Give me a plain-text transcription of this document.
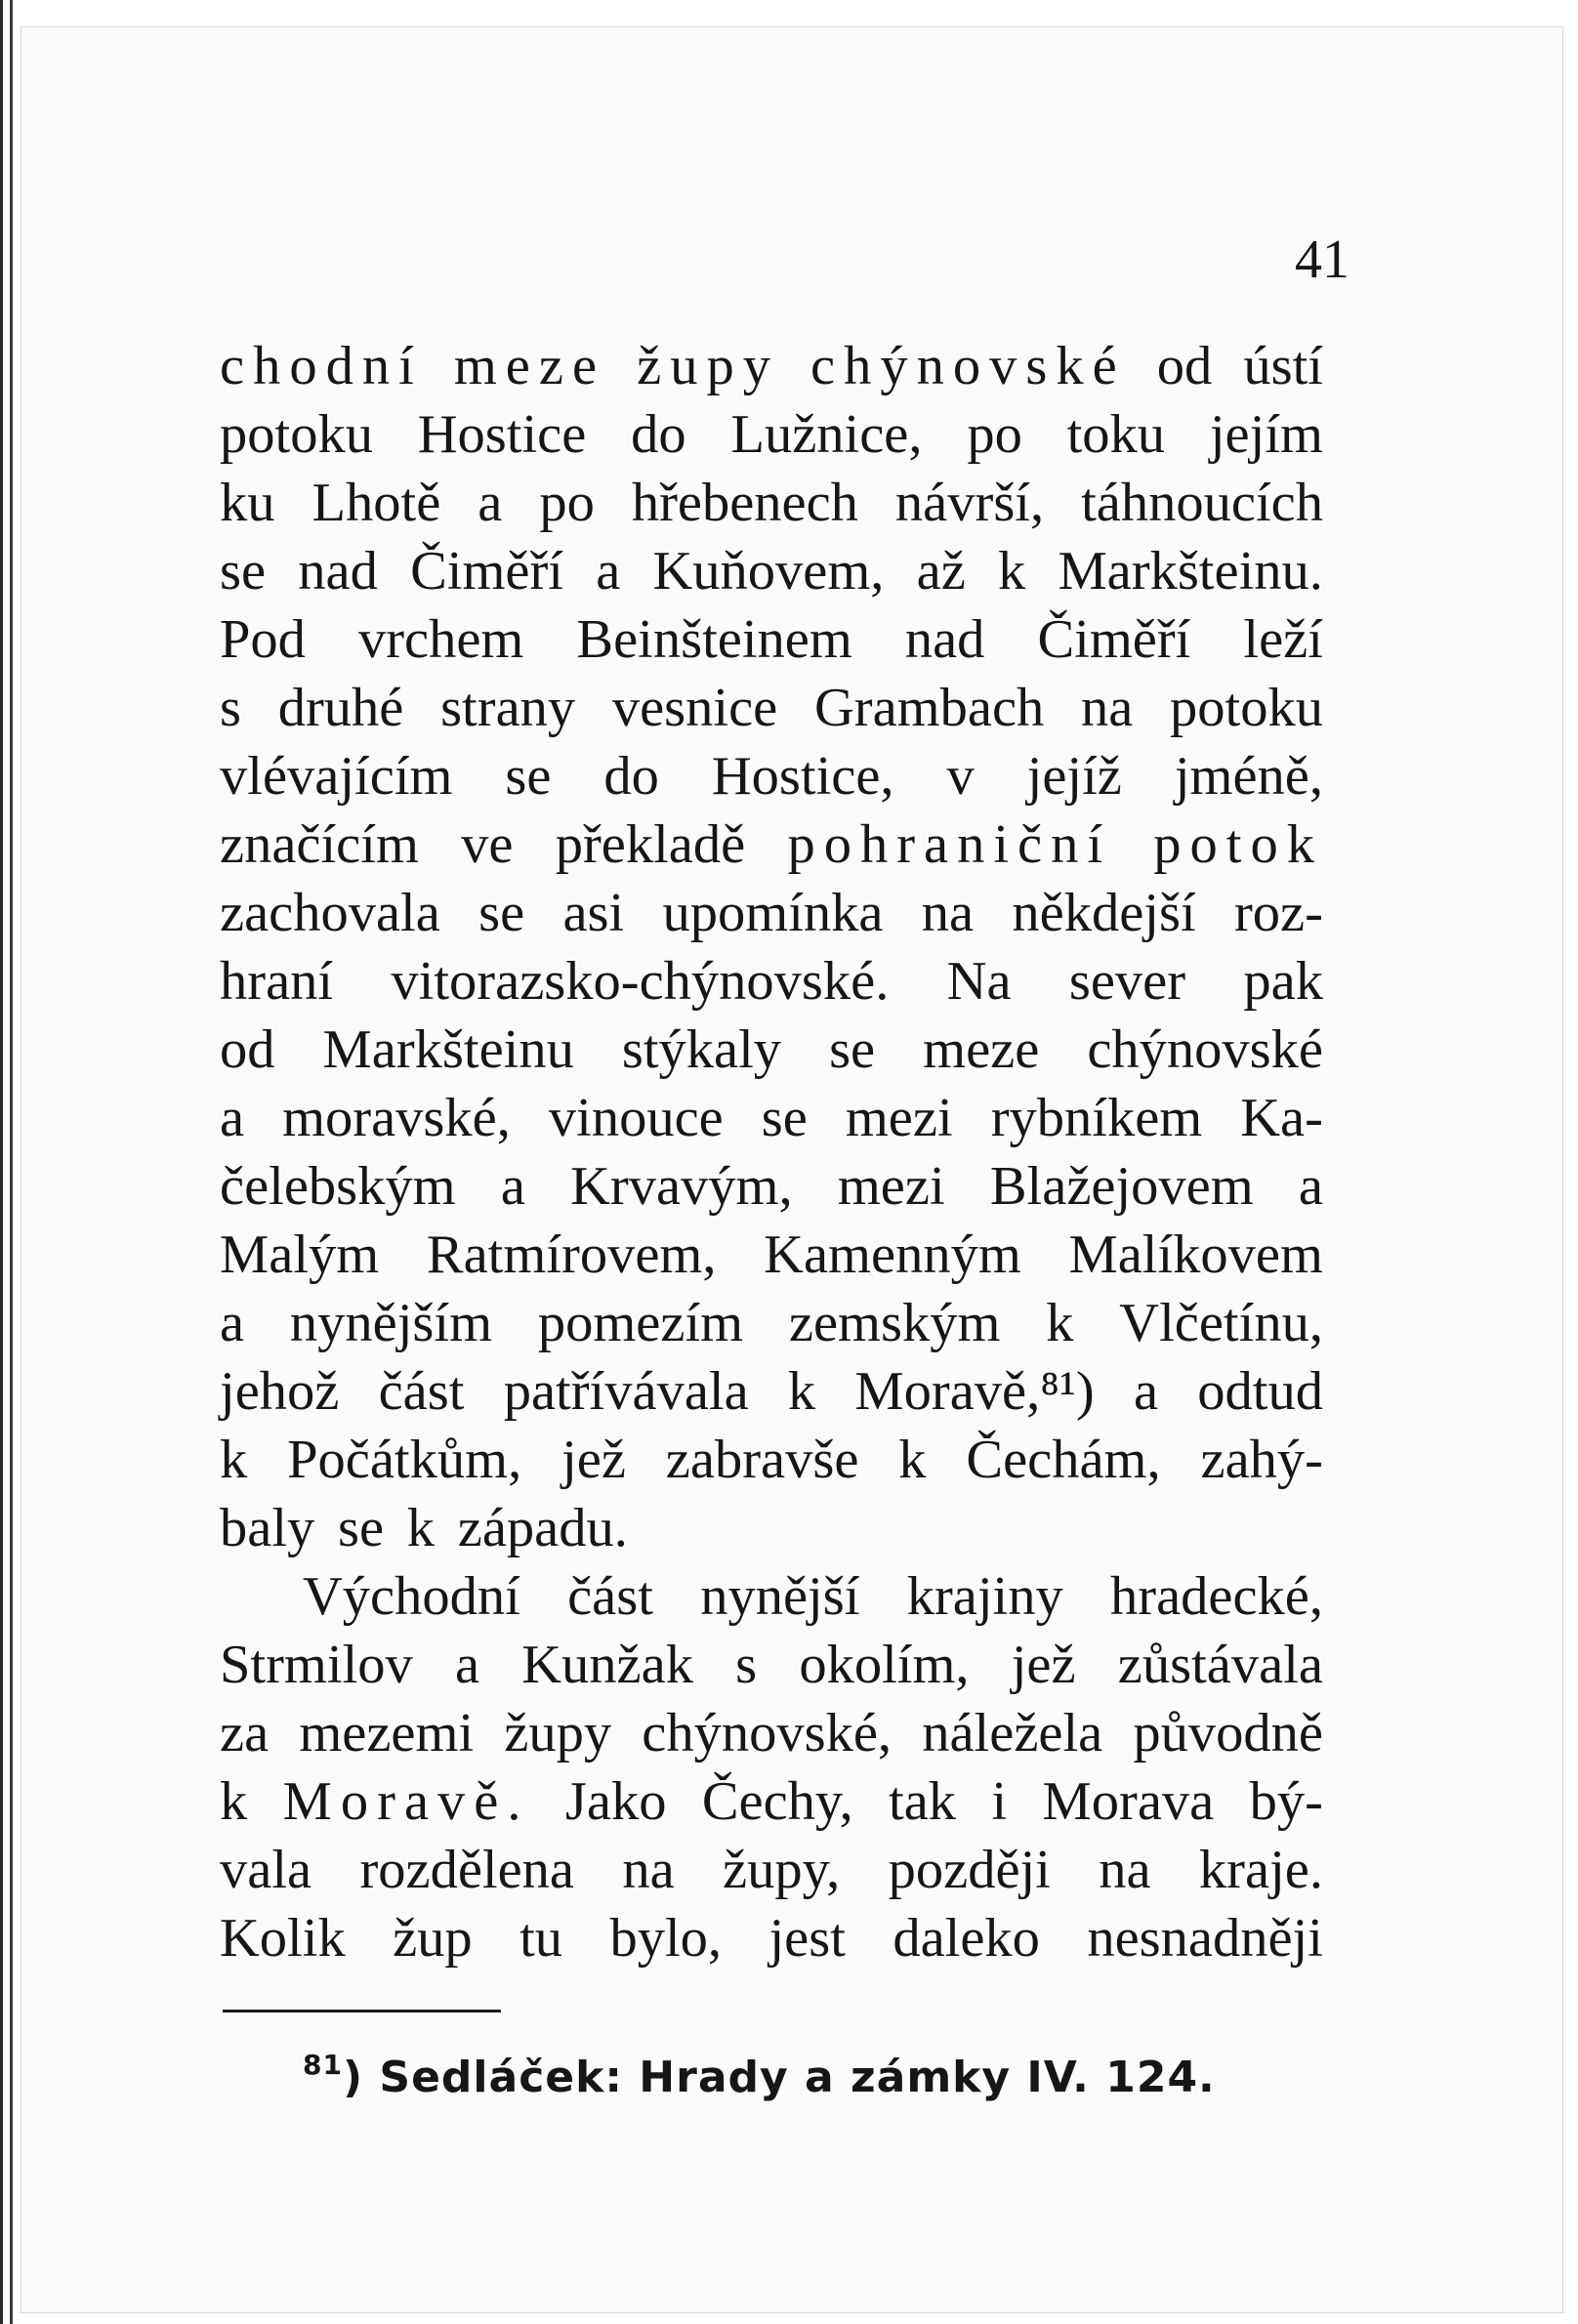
41
chodní meze župy chýnovské od ústí
potoku Hostice do Lužnice, po toku jejím
ku Lhotě a po hřebenech návrší, táhnoucích
se nad Čiměří a Kuňovem, až k Markšteinu.
Pod vrchem Beinšteinem nad Čiměří leží
s druhé strany vesnice Grambach na potoku
vlévajícím se do Hostice, v jejíž jméně,
značícím ve překladě pohraniční potok
zachovala se asi upomínka na někdejší roz-
hraní vitorazsko-chýnovské. Na sever pak
od Markšteinu stýkaly se meze chýnovské
a moravské, vinouce se mezi rybníkem Ka-
čelebským a Krvavým, mezi Blažejovem a
Malým Ratmírovem, Kamenným Malíkovem
a nynějším pomezím zemským k Vlčetínu,
jehož část patřívávala k Moravě,⁸¹) a odtud
k Počátkům, jež zabravše k Čechám, zahý-
baly se k západu.
Východní část nynější krajiny hradecké,
Strmilov a Kunžak s okolím, jež zůstávala
za mezemi župy chýnovské, náležela původně
k Moravě. Jako Čechy, tak i Morava bý-
vala rozdělena na župy, později na kraje.
Kolik žup tu bylo, jest daleko nesnadněji
$^{81}$) Sedláček: Hrady a zámky IV. 124.
